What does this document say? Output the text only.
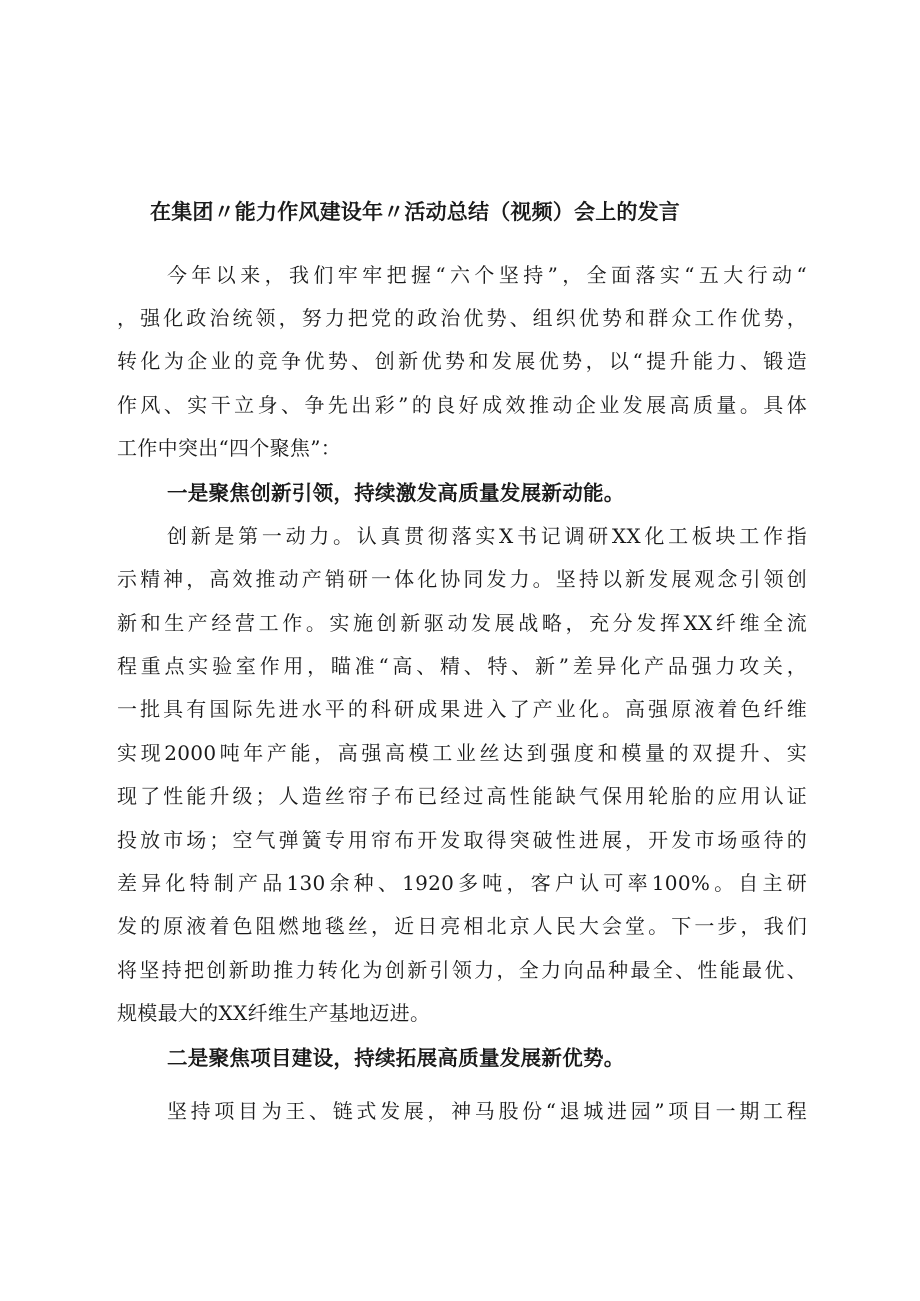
在集团〃能力作风建设年〃活动总结（视频）会上的发言
今年以来，我们牢牢把握“六个坚持”，全面落实“五大行动“
，强化政治统领，努力把党的政治优势、组织优势和群众工作优势，
转化为企业的竞争优势、创新优势和发展优势，以“提升能力、锻造
作风、实干立身、争先出彩”的良好成效推动企业发展高质量。具体
工作中突出“四个聚焦”：
一是聚焦创新引领，持续激发高质量发展新动能。
创新是第一动力。认真贯彻落实X书记调研XX化工板块工作指
示精神，高效推动产销研一体化协同发力。坚持以新发展观念引领创
新和生产经营工作。实施创新驱动发展战略，充分发挥XX纤维全流
程重点实验室作用，瞄准“高、精、特、新”差异化产品强力攻关，
一批具有国际先进水平的科研成果进入了产业化。高强原液着色纤维
实现2000吨年产能，高强高模工业丝达到强度和模量的双提升、实
现了性能升级；人造丝帘子布已经过高性能缺气保用轮胎的应用认证
投放市场；空气弹簧专用帘布开发取得突破性进展，开发市场亟待的
差异化特制产品130余种、1920多吨，客户认可率100%。自主研
发的原液着色阻燃地毯丝，近日亮相北京人民大会堂。下一步，我们
将坚持把创新助推力转化为创新引领力，全力向品种最全、性能最优、
规模最大的XX纤维生产基地迈进。
二是聚焦项目建设，持续拓展高质量发展新优势。
坚持项目为王、链式发展，神马股份“退城进园”项目一期工程
